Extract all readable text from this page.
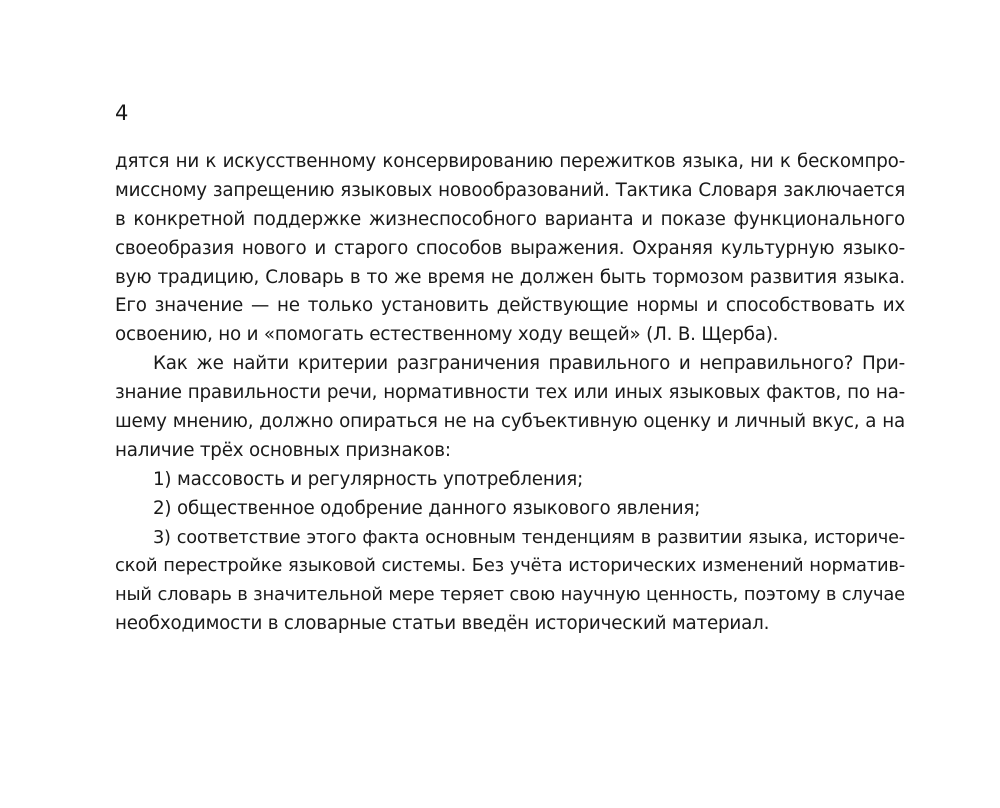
4
дятся ни к искусственному консервированию пережитков языка, ни к бескомпро-
миссному запрещению языковых новообразований. Тактика Словаря заключается
в конкретной поддержке жизнеспособного варианта и показе функционального
своеобразия нового и старого способов выражения. Охраняя культурную языко-
вую традицию, Словарь в то же время не должен быть тормозом развития языка.
Его значение — не только установить действующие нормы и способствовать их
освоению, но и «помогать естественному ходу вещей» (Л. В. Щерба).
Как же найти критерии разграничения правильного и неправильного? При-
знание правильности речи, нормативности тех или иных языковых фактов, по на-
шему мнению, должно опираться не на субъективную оценку и личный вкус, а на
наличие трёх основных признаков:
1) массовость и регулярность употребления;
2) общественное одобрение данного языкового явления;
3) соответствие этого факта основным тенденциям в развитии языка, историче-
ской перестройке языковой системы. Без учёта исторических изменений норматив-
ный словарь в значительной мере теряет свою научную ценность, поэтому в случае
необходимости в словарные статьи введён исторический материал.
